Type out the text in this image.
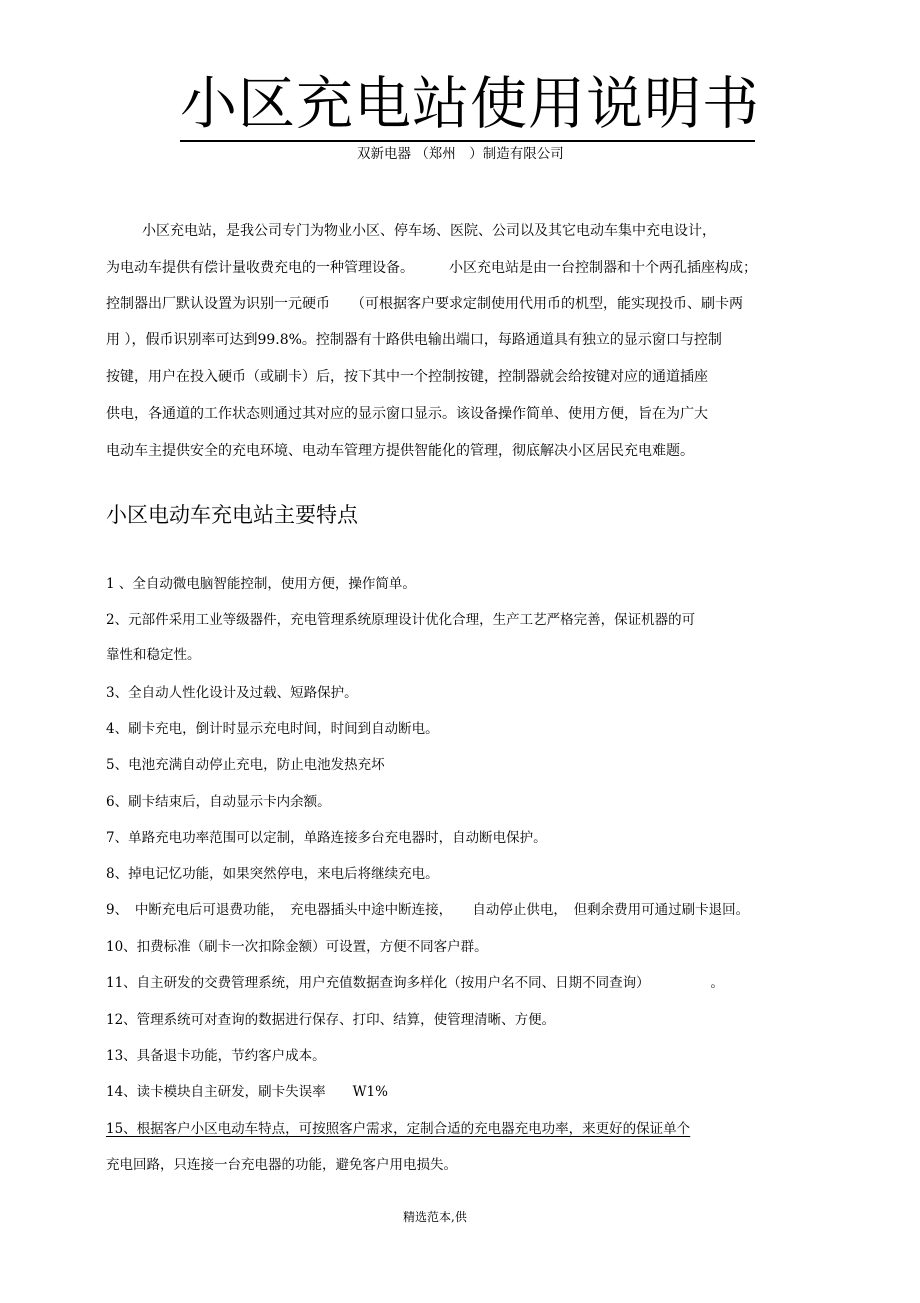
小区充电站使用说明书
双新电器 （郑州　）制造有限公司
小区充电站，是我公司专门为物业小区、停车场、医院、公司以及其它电动车集中充电设计，
为电动车提供有偿计量收费充电的一种管理设备。　　　小区充电站是由一台控制器和十个两孔插座构成；
控制器出厂默认设置为识别一元硬币　　（可根据客户要求定制使用代用币的机型，能实现投币、刷卡两
用 ），假币识别率可达到99.8%。控制器有十路供电输出端口，每路通道具有独立的显示窗口与控制
按键，用户在投入硬币（或刷卡）后，按下其中一个控制按键，控制器就会给按键对应的通道插座
供电，各通道的工作状态则通过其对应的显示窗口显示。该设备操作简单、使用方便，旨在为广大
电动车主提供安全的充电环境、电动车管理方提供智能化的管理，彻底解决小区居民充电难题。
小区电动车充电站主要特点
1 、全自动微电脑智能控制，使用方便，操作简单。
2、元部件采用工业等级器件，充电管理系统原理设计优化合理，生产工艺严格完善，保证机器的可
靠性和稳定性。
3、全自动人性化设计及过载、短路保护。
4、刷卡充电，倒计时显示充电时间，时间到自动断电。
5、电池充满自动停止充电，防止电池发热充坏
6、刷卡结束后，自动显示卡内余额。
7、单路充电功率范围可以定制，单路连接多台充电器时，自动断电保护。
8、掉电记忆功能，如果突然停电，来电后将继续充电。
9、　中断充电后可退费功能，　充电器插头中途中断连接，　　自动停止供电，　但剩余费用可通过刷卡退回。
10、扣费标准（刷卡一次扣除金额）可设置，方便不同客户群。
11、自主研发的交费管理系统，用户充值数据查询多样化（按用户名不同、日期不同查询）　　　　　。
12、管理系统可对查询的数据进行保存、打印、结算，使管理清晰、方便。
13、具备退卡功能，节约客户成本。
14、读卡模块自主研发，刷卡失误率　　W1%
15、根据客户小区电动车特点，可按照客户需求，定制合适的充电器充电功率，来更好的保证单个
充电回路，只连接一台充电器的功能，避免客户用电损失。
精选范本,供
